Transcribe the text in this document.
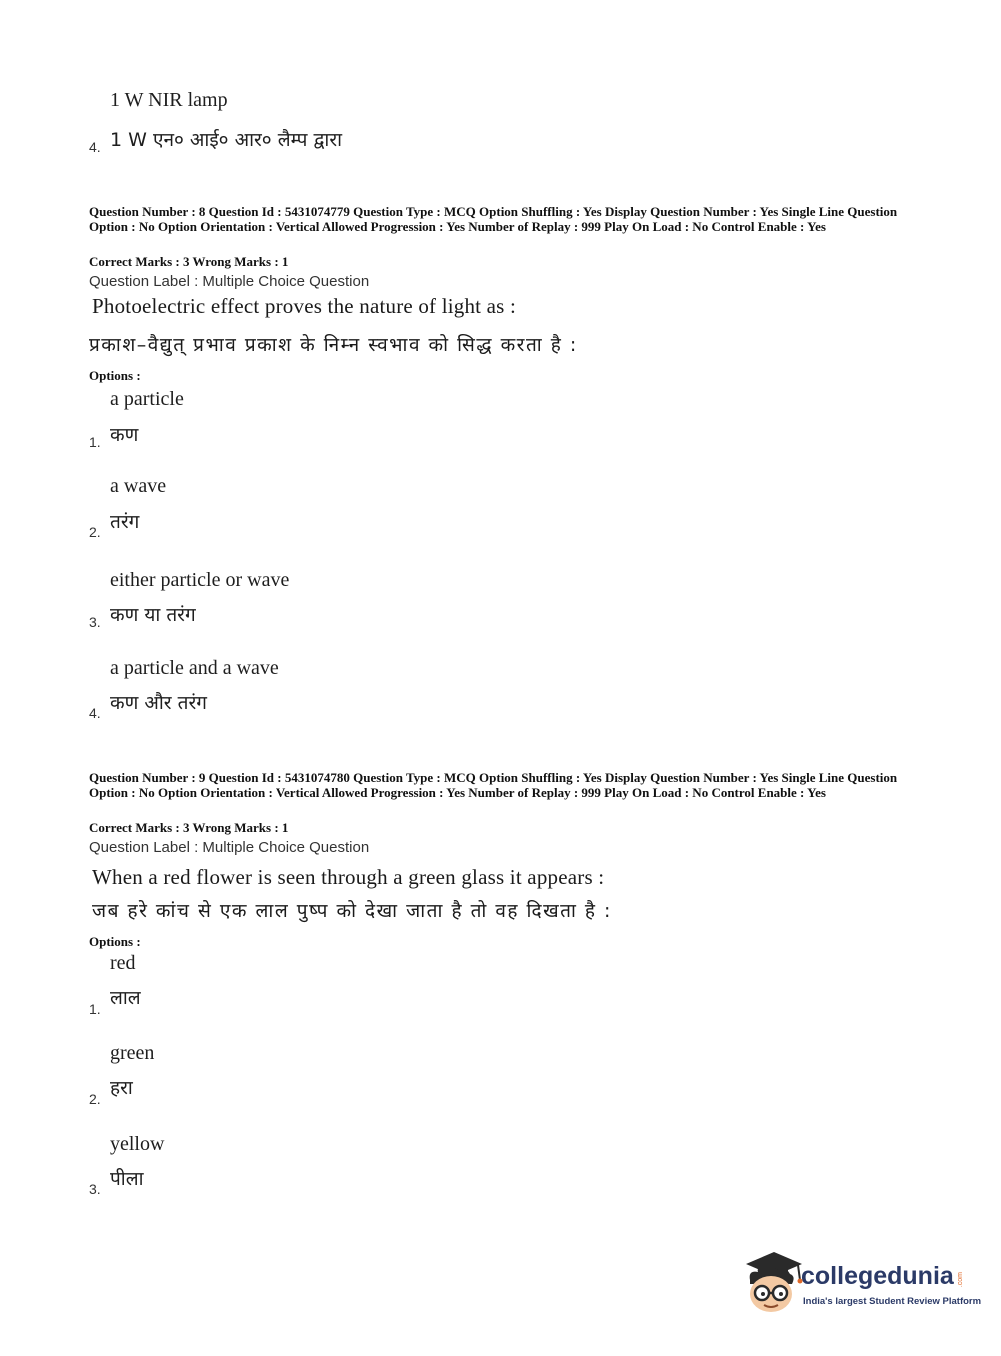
1 W NIR lamp
1 W एन० आई० आर० लैम्प द्वारा
4.
Question Number : 8 Question Id : 5431074779 Question Type : MCQ Option Shuffling : Yes Display Question Number : Yes Single Line Question Option : No Option Orientation : Vertical Allowed Progression : Yes Number of Replay : 999 Play On Load : No Control Enable : Yes
Correct Marks : 3 Wrong Marks : 1
Question Label : Multiple Choice Question
Photoelectric effect proves the nature of light as :
प्रकाश–वैद्युत् प्रभाव प्रकाश के निम्न स्वभाव को सिद्ध करता है :
Options :
a particle
कण
1.
a wave
तरंग
2.
either particle or wave
कण या तरंग
3.
a particle and a wave
कण और तरंग
4.
Question Number : 9 Question Id : 5431074780 Question Type : MCQ Option Shuffling : Yes Display Question Number : Yes Single Line Question Option : No Option Orientation : Vertical Allowed Progression : Yes Number of Replay : 999 Play On Load : No Control Enable : Yes
Correct Marks : 3 Wrong Marks : 1
Question Label : Multiple Choice Question
When a red flower is seen through a green glass it appears :
जब हरे कांच से एक लाल पुष्प को देखा जाता है तो वह दिखता है :
Options :
red
लाल
1.
green
हरा
2.
yellow
पीला
3.
collegedunia .com
India's largest Student Review Platform
